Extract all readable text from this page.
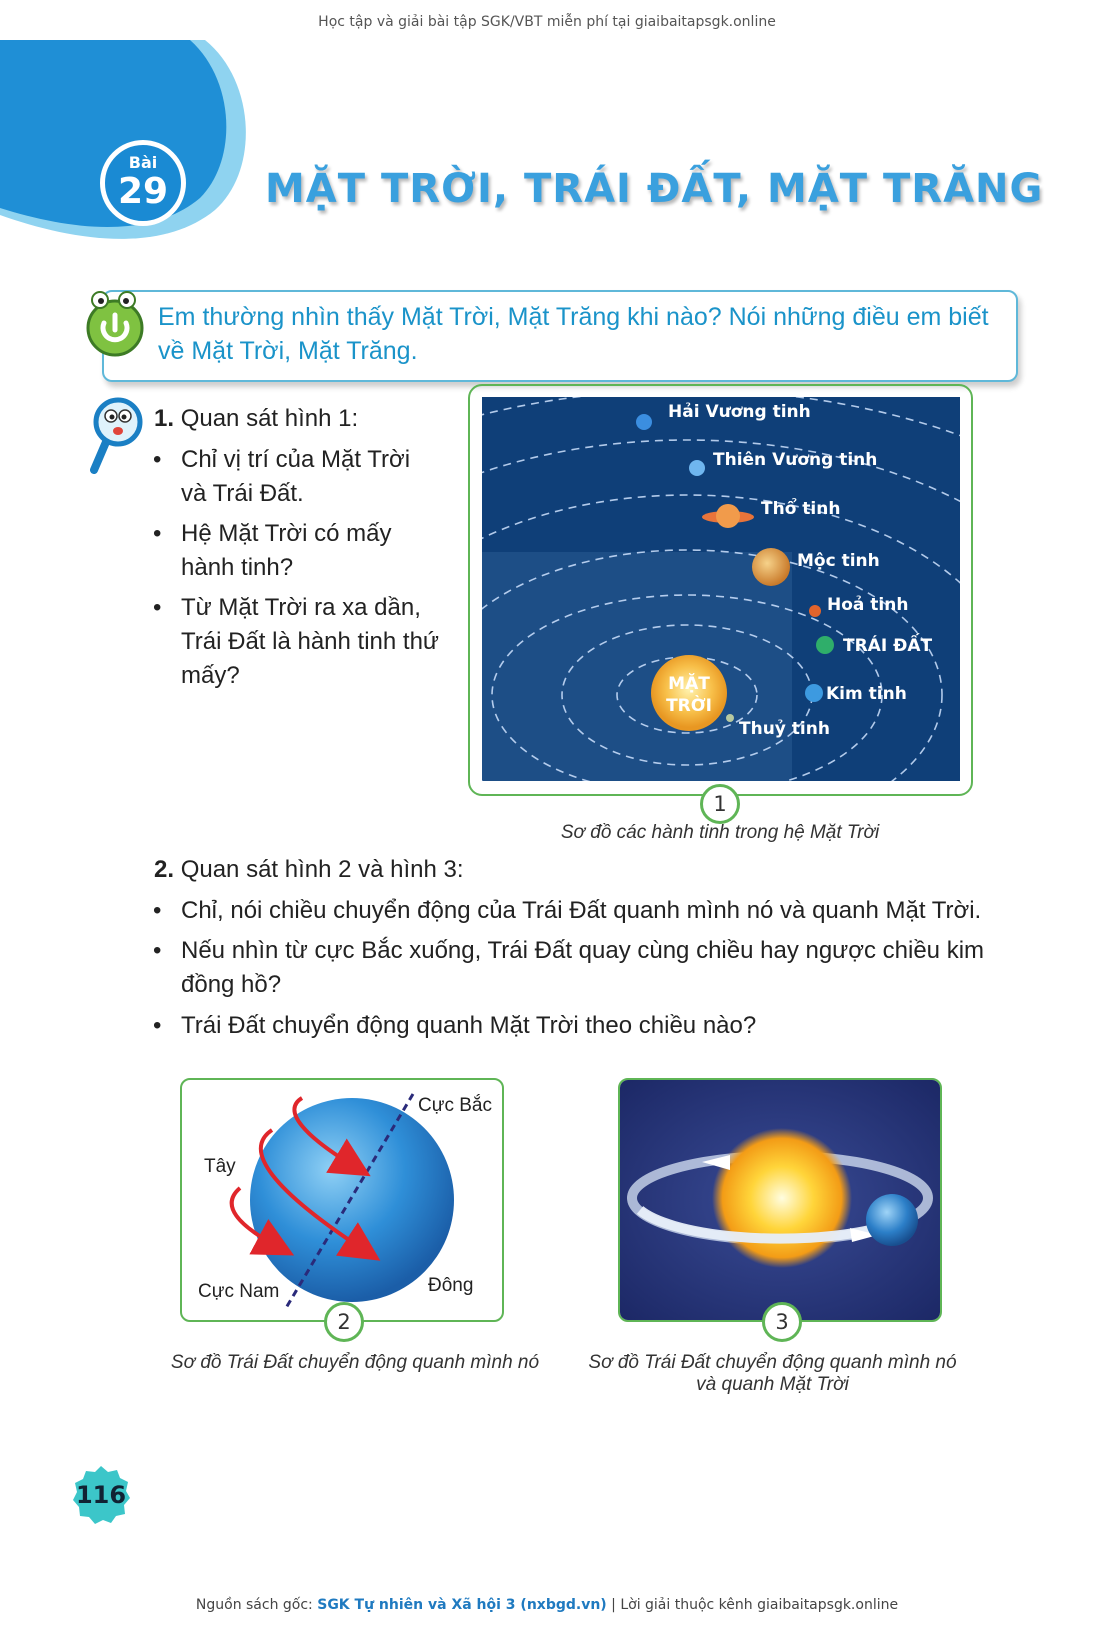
Học tập và giải bài tập SGK/VBT miễn phí tại giaibaitapsgk.online
Bài
29	MẶT TRỜI, TRÁI ĐẤT, MẶT TRĂNG
Em thường nhìn thấy Mặt Trời, Mặt Trăng khi nào? Nói những điều em biết về Mặt Trời, Mặt Trăng.
1. Quan sát hình 1:
• Chỉ vị trí của Mặt Trời và Trái Đất.
• Hệ Mặt Trời có mấy hành tinh?
• Từ Mặt Trời ra xa dần, Trái Đất là hành tinh thứ mấy?
Hải Vương tinh
Thiên Vương tinh
Thổ tinh
Mộc tinh
Hoả tinh
TRÁI ĐẤT
Kim tinh
Thuỷ tinh
MẶT
TRỜI
1
Sơ đồ các hành tinh trong hệ Mặt Trời
2. Quan sát hình 2 và hình 3:
• Chỉ, nói chiều chuyển động của Trái Đất quanh mình nó và quanh Mặt Trời.
• Nếu nhìn từ cực Bắc xuống, Trái Đất quay cùng chiều hay ngược chiều kim đồng hồ?
• Trái Đất chuyển động quanh Mặt Trời theo chiều nào?
Cực Bắc
Tây
Đông
Cực Nam
2
Sơ đồ Trái Đất chuyển động quanh mình nó
3
Sơ đồ Trái Đất chuyển động quanh mình nó
và quanh Mặt Trời
116
Nguồn sách gốc: SGK Tự nhiên và Xã hội 3 (nxbgd.vn) | Lời giải thuộc kênh giaibaitapsgk.online
